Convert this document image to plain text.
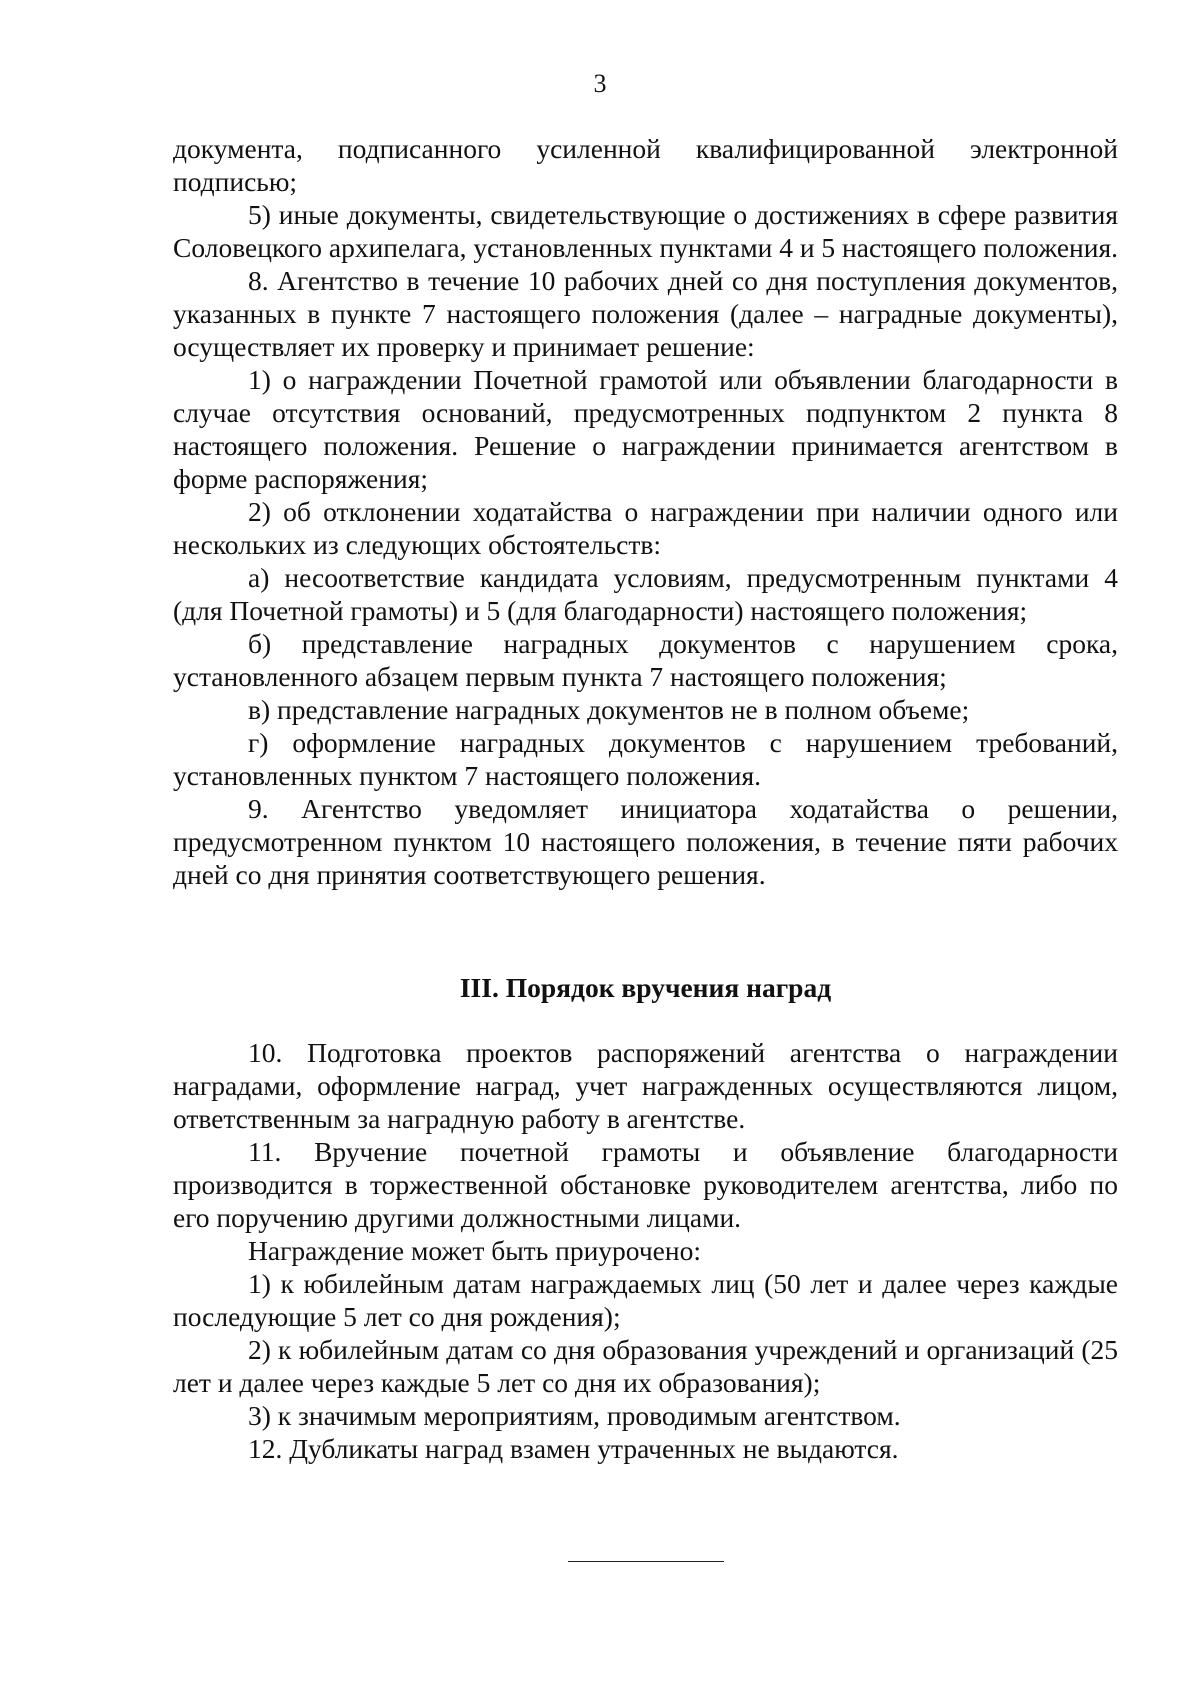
3

документа, подписанного усиленной квалифицированной электронной подписью;

5) иные документы, свидетельствующие о достижениях в сфере развития Соловецкого архипелага, установленных пунктами 4 и 5 настоящего положения.

8. Агентство в течение 10 рабочих дней со дня поступления документов, указанных в пункте 7 настоящего положения (далее – наградные документы), осуществляет их проверку и принимает решение:

1) о награждении Почетной грамотой или объявлении благодарности в случае отсутствия оснований, предусмотренных подпунктом 2 пункта 8 настоящего положения. Решение о награждении принимается агентством в форме распоряжения;

2) об отклонении ходатайства о награждении при наличии одного или нескольких из следующих обстоятельств:

а) несоответствие кандидата условиям, предусмотренным пунктами 4 (для Почетной грамоты) и 5 (для благодарности) настоящего положения;

б) представление наградных документов с нарушением срока, установленного абзацем первым пункта 7 настоящего положения;

в) представление наградных документов не в полном объеме;

г) оформление наградных документов с нарушением требований, установленных пунктом 7 настоящего положения.

9. Агентство уведомляет инициатора ходатайства о решении, предусмотренном пунктом 10 настоящего положения, в течение пяти рабочих дней со дня принятия соответствующего решения.

III. Порядок вручения наград

10. Подготовка проектов распоряжений агентства о награждении наградами, оформление наград, учет награжденных осуществляются лицом, ответственным за наградную работу в агентстве.

11. Вручение почетной грамоты и объявление благодарности производится в торжественной обстановке руководителем агентства, либо по его поручению другими должностными лицами.

Награждение может быть приурочено:

1) к юбилейным датам награждаемых лиц (50 лет и далее через каждые последующие 5 лет со дня рождения);

2) к юбилейным датам со дня образования учреждений и организаций (25 лет и далее через каждые 5 лет со дня их образования);

3) к значимым мероприятиям, проводимым агентством.

12. Дубликаты наград взамен утраченных не выдаются.
